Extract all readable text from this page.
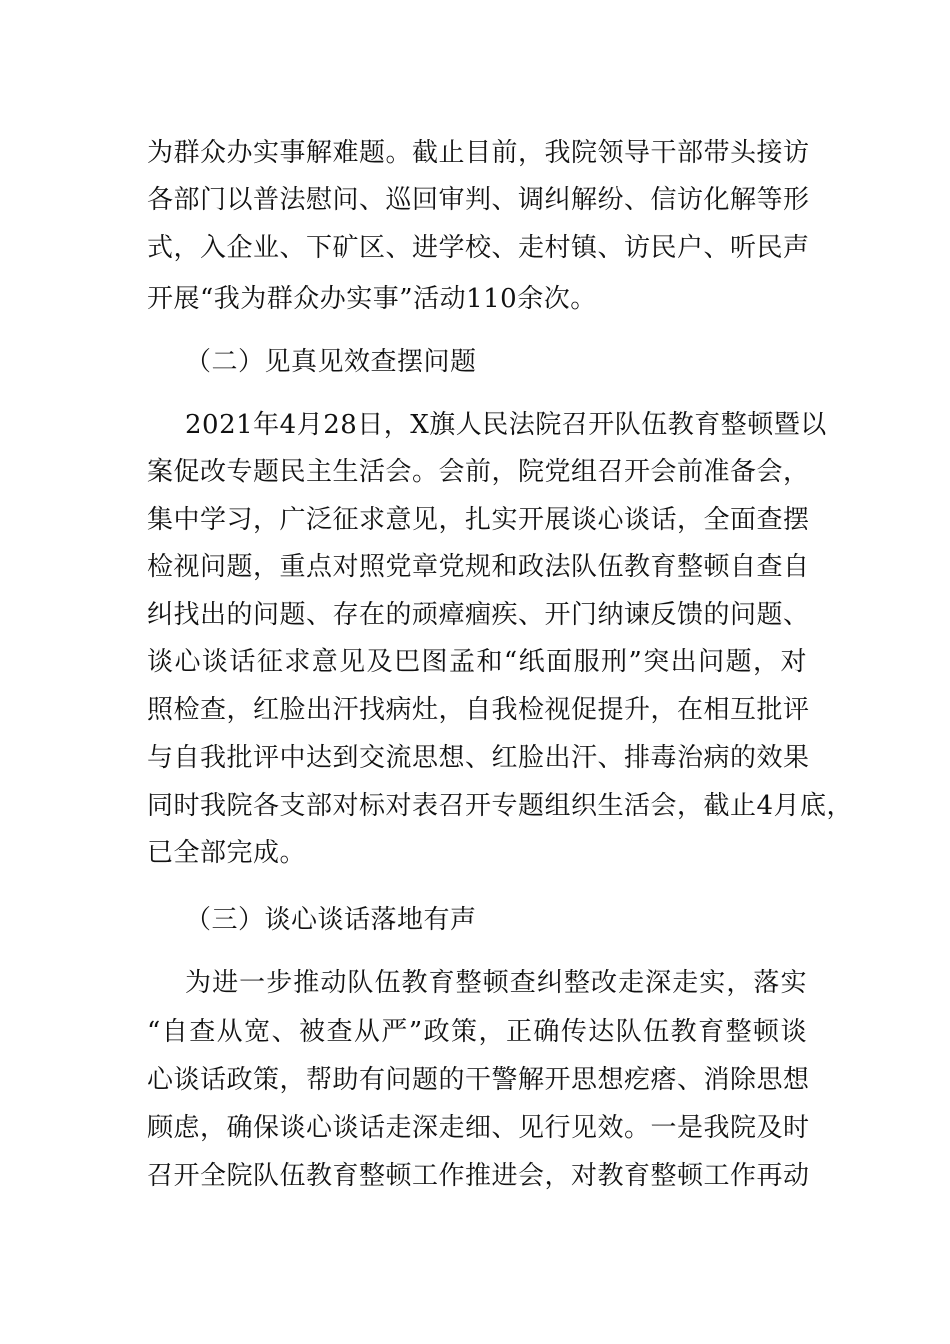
为群众办实事解难题。截止目前，我院领导干部带头接访
各部门以普法慰问、巡回审判、调纠解纷、信访化解等形
式，入企业、下矿区、进学校、走村镇、访民户、听民声
开展“我为群众办实事”活动110余次。
（二）见真见效查摆问题
2021年4月28日，X旗人民法院召开队伍教育整顿暨以
案促改专题民主生活会。会前，院党组召开会前准备会，
集中学习，广泛征求意见，扎实开展谈心谈话，全面查摆
检视问题，重点对照党章党规和政法队伍教育整顿自查自
纠找出的问题、存在的顽瘴痼疾、开门纳谏反馈的问题、
谈心谈话征求意见及巴图孟和“纸面服刑”突出问题，对
照检查，红脸出汗找病灶，自我检视促提升，在相互批评
与自我批评中达到交流思想、红脸出汗、排毒治病的效果
同时我院各支部对标对表召开专题组织生活会，截止4月底，
已全部完成。
（三）谈心谈话落地有声
为进一步推动队伍教育整顿查纠整改走深走实，落实
“自查从宽、被查从严”政策，正确传达队伍教育整顿谈
心谈话政策，帮助有问题的干警解开思想疙瘩、消除思想
顾虑，确保谈心谈话走深走细、见行见效。一是我院及时
召开全院队伍教育整顿工作推进会，对教育整顿工作再动
